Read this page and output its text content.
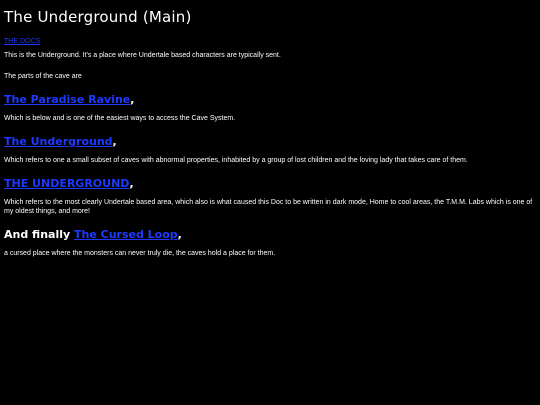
The Underground (Main)
THE DOCS

This is the Underground. It's a place where Undertale based characters are typically sent.

The parts of the cave are

The Paradise Ravine,

Which is below and is one of the easiest ways to access the Cave System.

The Underground,

Which refers to one a small subset of caves with abnormal properties, inhabited by a group of lost children and the loving lady that takes care of them.

THE UNDERGROUND,

Which refers to the most clearly Undertale based area, which also is what caused this Doc to be written in dark mode, Home to cool areas, the T.M.M. Labs which is one of my oldest things, and more!

And finally The Cursed Loop,

a cursed place where the monsters can never truly die, the caves hold a place for them.
